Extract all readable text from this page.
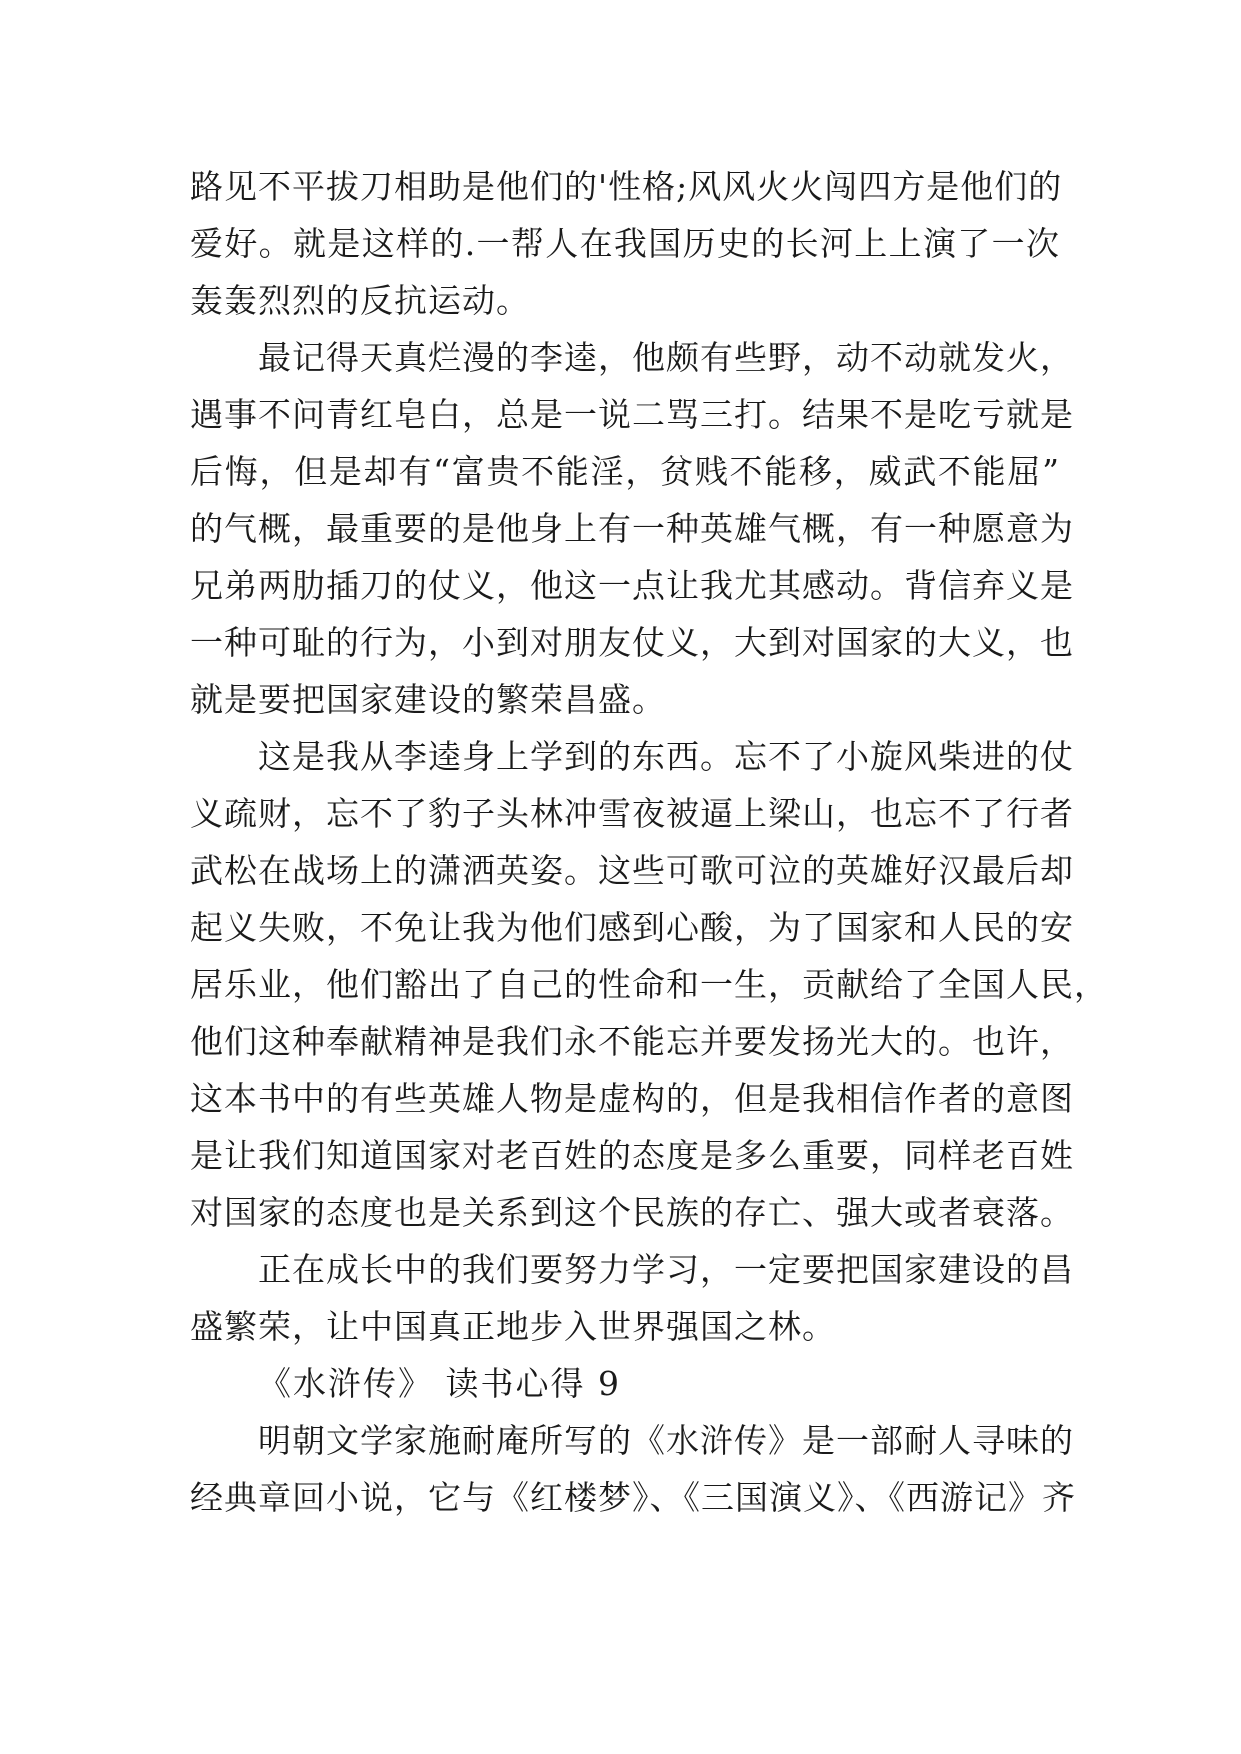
路见不平拔刀相助是他们的'性格;风风火火闯四方是他们的
爱好。就是这样的.一帮人在我国历史的长河上上演了一次
轰轰烈烈的反抗运动。
最记得天真烂漫的李逵，他颇有些野，动不动就发火，
遇事不问青红皂白，总是一说二骂三打。结果不是吃亏就是
后悔，但是却有“富贵不能淫，贫贱不能移，威武不能屈”
的气概，最重要的是他身上有一种英雄气概，有一种愿意为
兄弟两肋插刀的仗义，他这一点让我尤其感动。背信弃义是
一种可耻的行为，小到对朋友仗义，大到对国家的大义，也
就是要把国家建设的繁荣昌盛。
这是我从李逵身上学到的东西。忘不了小旋风柴进的仗
义疏财，忘不了豹子头林冲雪夜被逼上梁山，也忘不了行者
武松在战场上的潇洒英姿。这些可歌可泣的英雄好汉最后却
起义失败，不免让我为他们感到心酸，为了国家和人民的安
居乐业，他们豁出了自己的性命和一生，贡献给了全国人民，
他们这种奉献精神是我们永不能忘并要发扬光大的。也许，
这本书中的有些英雄人物是虚构的，但是我相信作者的意图
是让我们知道国家对老百姓的态度是多么重要，同样老百姓
对国家的态度也是关系到这个民族的存亡、强大或者衰落。
正在成长中的我们要努力学习，一定要把国家建设的昌
盛繁荣，让中国真正地步入世界强国之林。
《水浒传》 读书心得 9
明朝文学家施耐庵所写的《水浒传》是一部耐人寻味的
经典章回小说，它与《红楼梦》、《三国演义》、《西游记》齐
